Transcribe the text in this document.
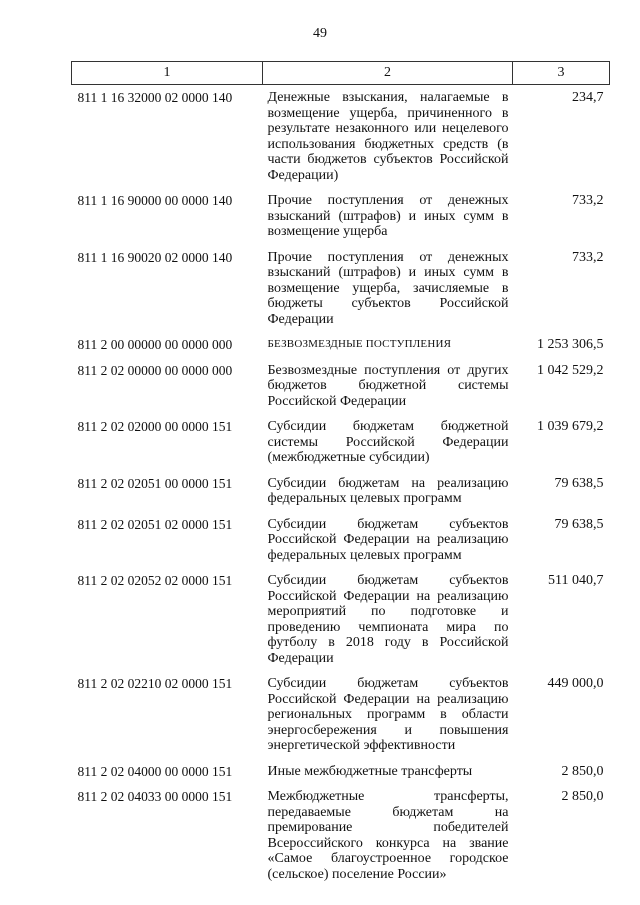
49
1	2	3
811 1 16 32000 02 0000 140	Денежные взыскания, налагаемые в возмещение ущерба, причиненного в результате незаконного или нецелевого использования бюджетных средств (в части бюджетов субъектов Российской Федерации)	234,7
811 1 16 90000 00 0000 140	Прочие поступления от денежных взысканий (штрафов) и иных сумм в возмещение ущерба	733,2
811 1 16 90020 02 0000 140	Прочие поступления от денежных взысканий (штрафов) и иных сумм в возмещение ущерба, зачисляемые в бюджеты субъектов Российской Федерации	733,2
811 2 00 00000 00 0000 000	БЕЗВОЗМЕЗДНЫЕ ПОСТУПЛЕНИЯ	1 253 306,5
811 2 02 00000 00 0000 000	Безвозмездные поступления от других бюджетов бюджетной системы Российской Федерации	1 042 529,2
811 2 02 02000 00 0000 151	Субсидии бюджетам бюджетной системы Российской Федерации (межбюджетные субсидии)	1 039 679,2
811 2 02 02051 00 0000 151	Субсидии бюджетам на реализацию федеральных целевых программ	79 638,5
811 2 02 02051 02 0000 151	Субсидии бюджетам субъектов Российской Федерации на реализацию федеральных целевых программ	79 638,5
811 2 02 02052 02 0000 151	Субсидии бюджетам субъектов Российской Федерации на реализацию мероприятий по подготовке и проведению чемпионата мира по футболу в 2018 году в Российской Федерации	511 040,7
811 2 02 02210 02 0000 151	Субсидии бюджетам субъектов Российской Федерации на реализацию региональных программ в области энергосбережения и повышения энергетической эффективности	449 000,0
811 2 02 04000 00 0000 151	Иные межбюджетные трансферты	2 850,0
811 2 02 04033 00 0000 151	Межбюджетные трансферты, передаваемые бюджетам на премирование победителей Всероссийского конкурса на звание «Самое благоустроенное городское (сельское) поселение России»	2 850,0
